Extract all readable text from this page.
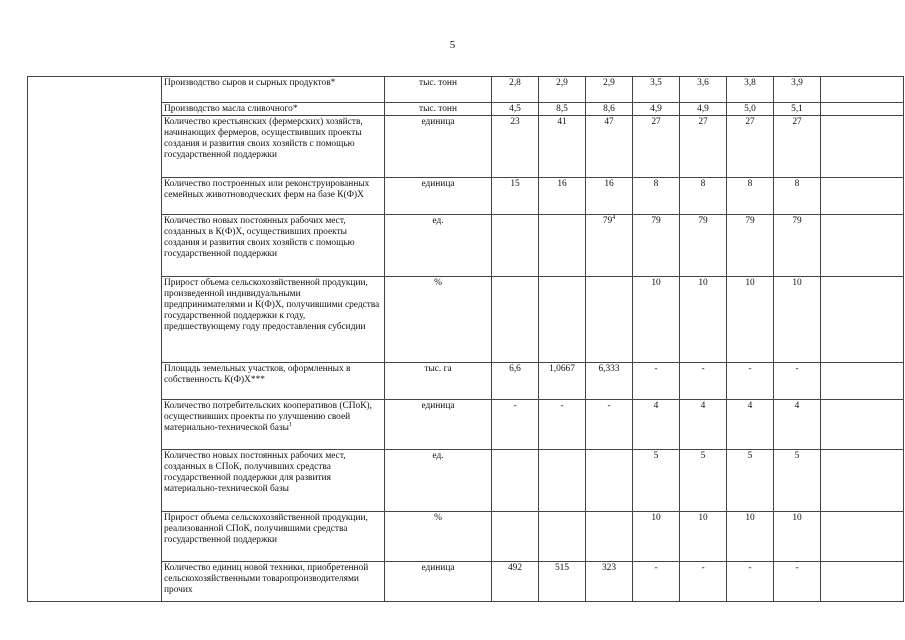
5
	Производство сыров и сырных продуктов*	тыс. тонн	2,8	2,9	2,9	3,5	3,6	3,8	3,9	
	Производство масла сливочного*	тыс. тонн	4,5	8,5	8,6	4,9	4,9	5,0	5,1	
	Количество крестьянских (фермерских) хозяйств, начинающих фермеров, осуществивших проекты создания и развития своих хозяйств с помощью государственной поддержки	единица	23	41	47	27	27	27	27	
	Количество построенных или реконструированных семейных животноводческих ферм на базе К(Ф)Х	единица	15	16	16	8	8	8	8	
	Количество новых постоянных рабочих мест, созданных в К(Ф)Х, осуществивших проекты создания и развития своих хозяйств с помощью государственной поддержки	ед.			$79^4$	79	79	79	79	
	Прирост объема сельскохозяйственной продукции, произведенной индивидуальными предпринимателями и К(Ф)Х, получившими средства государственной поддержки к году, предшествующему году предоставления субсидии	%				10	10	10	10	
	Площадь земельных участков, оформленных в собственность К(Ф)Х***	тыс. га	6,6	1,0667	6,333	-	-	-	-	
	Количество потребительских кооперативов (СПоК), осуществивших проекты по улучшению своей материально-технической базы$^1$	единица	-	-	-	4	4	4	4	
	Количество новых постоянных рабочих мест, созданных в СПоК, получивших средства государственной поддержки для развития материально-технической базы	ед.				5	5	5	5	
	Прирост объема сельскохозяйственной продукции, реализованной СПоК, получившими средства государственной поддержки	%				10	10	10	10	
	Количество единиц новой техники, приобретенной сельскохозяйственными товаропроизводителями прочих	единица	492	515	323	-	-	-	-	
